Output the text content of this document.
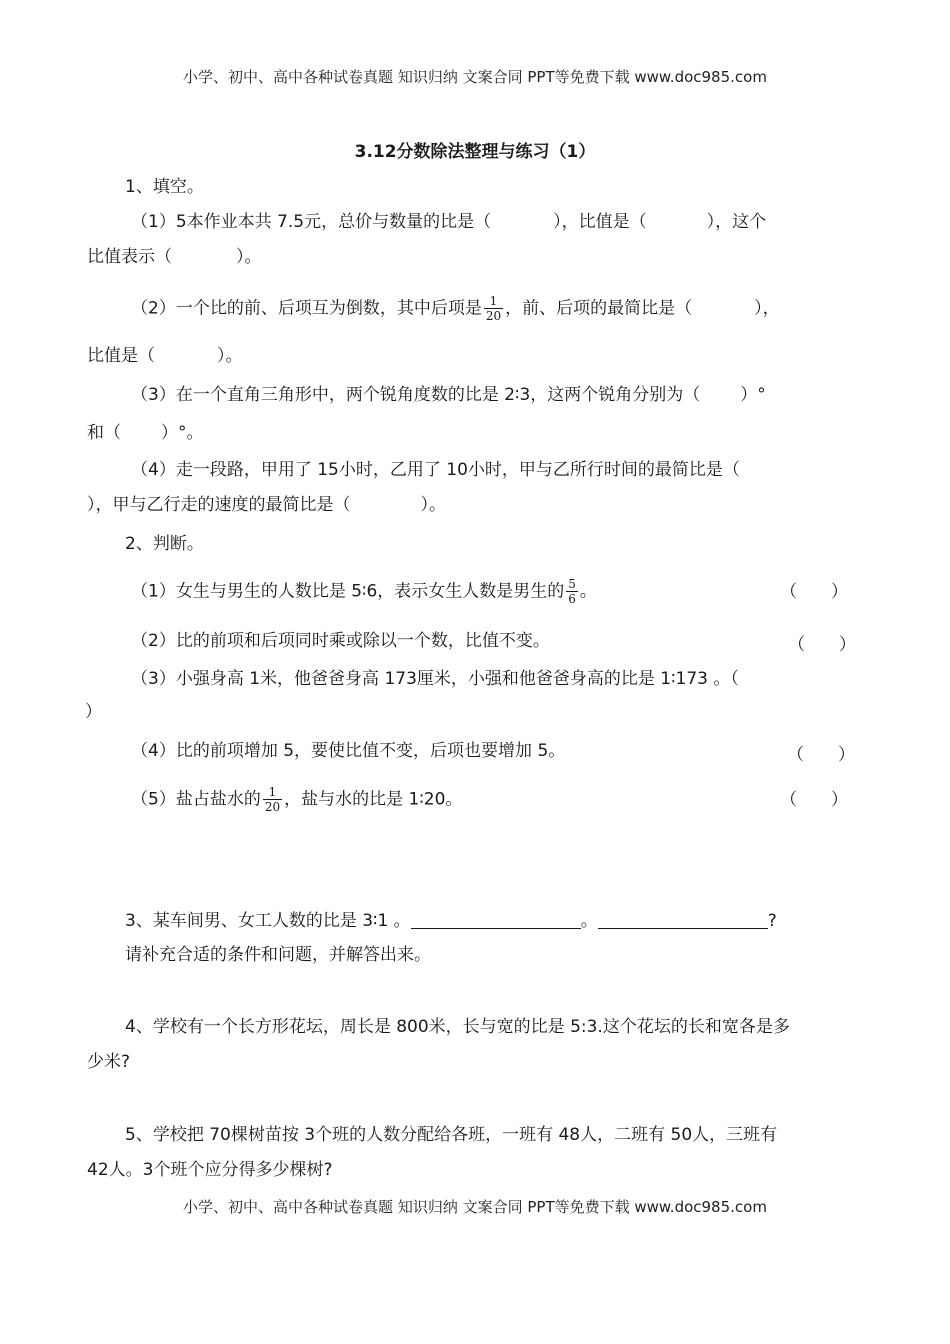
小学、初中、高中各种试卷真题 知识归纳 文案合同 PPT等免费下载 www.doc985.com
3.12分数除法整理与练习（1）
1、填空。
（1）5本作业本共 7.5元，总价与数量的比是（	），比值是（	），这个
比值表示（	）。
（2）一个比的前、后项互为倒数，其中后项是 $\frac{1}{20}$ ，前、后项的最简比是（	），
比值是（	）。
（3）在一个直角三角形中，两个锐角度数的比是 2∶3，这两个锐角分别为（ ）°
和（ ）°。
（4）走一段路，甲用了 15小时，乙用了 10小时，甲与乙所行时间的最简比是（
），甲与乙行走的速度的最简比是（	）。
2、判断。
（1）女生与男生的人数比是 5∶6，表示女生人数是男生的 $\frac{5}{6}$ 。	（　　）
（2）比的前项和后项同时乘或除以一个数，比值不变。	（　　）
（3）小强身高 1米，他爸爸身高 173厘米，小强和他爸爸身高的比是 1∶173 。（
）
（4）比的前项增加 5，要使比值不变，后项也要增加 5。	（　　）
（5）盐占盐水的 $\frac{1}{20}$ ，盐与水的比是 1∶20。	（　　）
3、某车间男、女工人数的比是 3∶1 。	。	?
请补充合适的条件和问题，并解答出来。
4、学校有一个长方形花坛，周长是 800米，长与宽的比是 5:3.这个花坛的长和宽各是多
少米?
5、学校把 70棵树苗按 3个班的人数分配给各班，一班有 48人，二班有 50人，三班有
42人。3个班个应分得多少棵树?
小学、初中、高中各种试卷真题 知识归纳 文案合同 PPT等免费下载 www.doc985.com
